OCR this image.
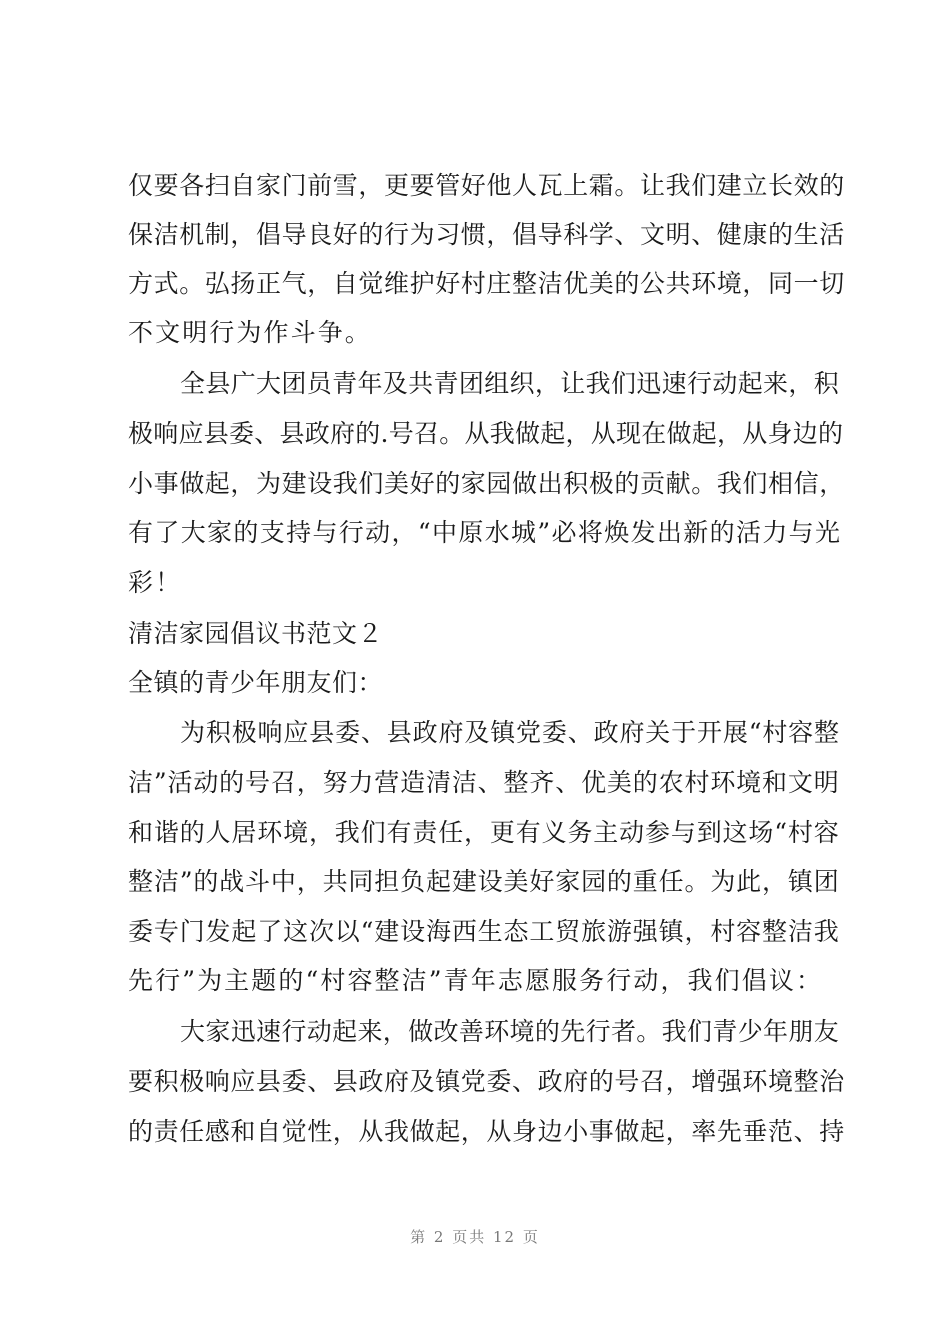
仅要各扫自家门前雪，更要管好他人瓦上霜。让我们建立长效的
保洁机制，倡导良好的行为习惯，倡导科学、文明、健康的生活
方式。弘扬正气，自觉维护好村庄整洁优美的公共环境，同一切
不文明行为作斗争。
全县广大团员青年及共青团组织，让我们迅速行动起来，积
极响应县委、县政府的.号召。从我做起，从现在做起，从身边的
小事做起，为建设我们美好的家园做出积极的贡献。我们相信，
有了大家的支持与行动，“中原水城”必将焕发出新的活力与光
彩！
清洁家园倡议书范文２
全镇的青少年朋友们：
为积极响应县委、县政府及镇党委、政府关于开展“村容整
洁”活动的号召，努力营造清洁、整齐、优美的农村环境和文明
和谐的人居环境，我们有责任，更有义务主动参与到这场“村容
整洁”的战斗中，共同担负起建设美好家园的重任。为此，镇团
委专门发起了这次以“建设海西生态工贸旅游强镇，村容整洁我
先行”为主题的“村容整洁”青年志愿服务行动，我们倡议：
大家迅速行动起来，做改善环境的先行者。我们青少年朋友
要积极响应县委、县政府及镇党委、政府的号召，增强环境整治
的责任感和自觉性，从我做起，从身边小事做起，率先垂范、持
第 2 页共 12 页
